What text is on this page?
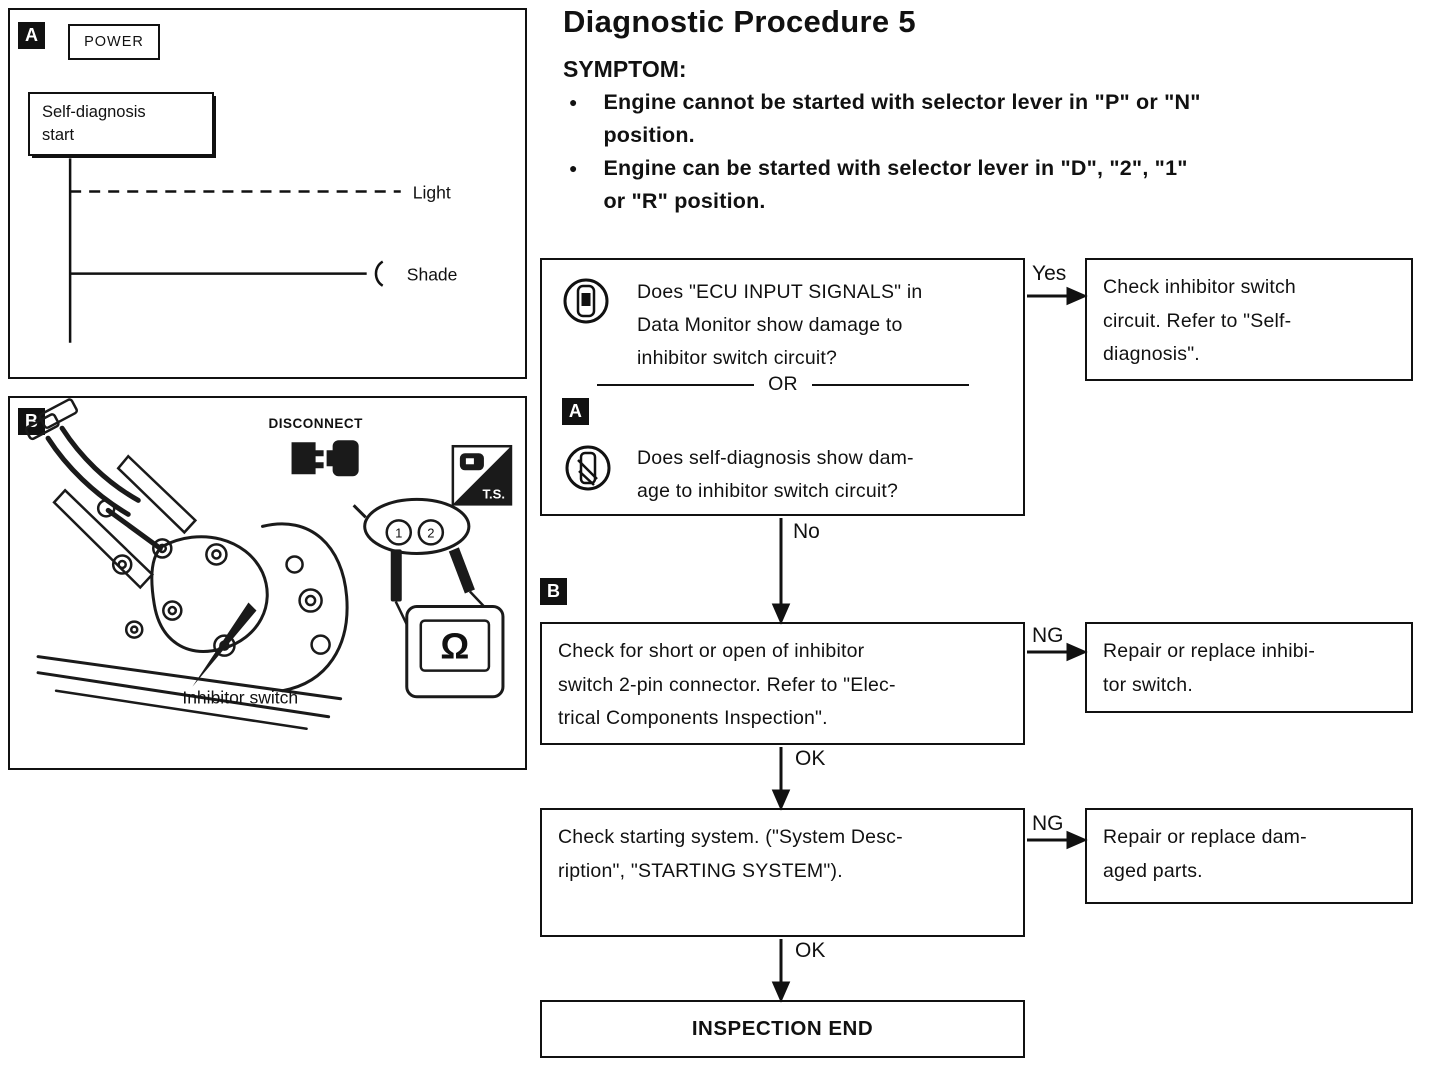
A	POWER
Self-diagnosis
start
Light
Shade
B
Inhibitor switch
DISCONNECT
1 2
Ω
T.S.
Diagnostic Procedure 5
SYMPTOM:
● Engine cannot be started with selector lever in "P" or "N"
position.
● Engine can be started with selector lever in "D", "2", "1"
or "R" position.
Does "ECU INPUT SIGNALS" in
Data Monitor show damage to
inhibitor switch circuit?
OR
A
Does self-diagnosis show dam-
age to inhibitor switch circuit?
Check inhibitor switch
circuit. Refer to "Self-
diagnosis".
B
Check for short or open of inhibitor
switch 2-pin connector. Refer to "Elec-
trical Components Inspection".
Repair or replace inhibi-
tor switch.
Check starting system. ("System Desc-
ription", "STARTING SYSTEM").
Repair or replace dam-
aged parts.
INSPECTION END
Yes
No
NG
OK
NG
OK
